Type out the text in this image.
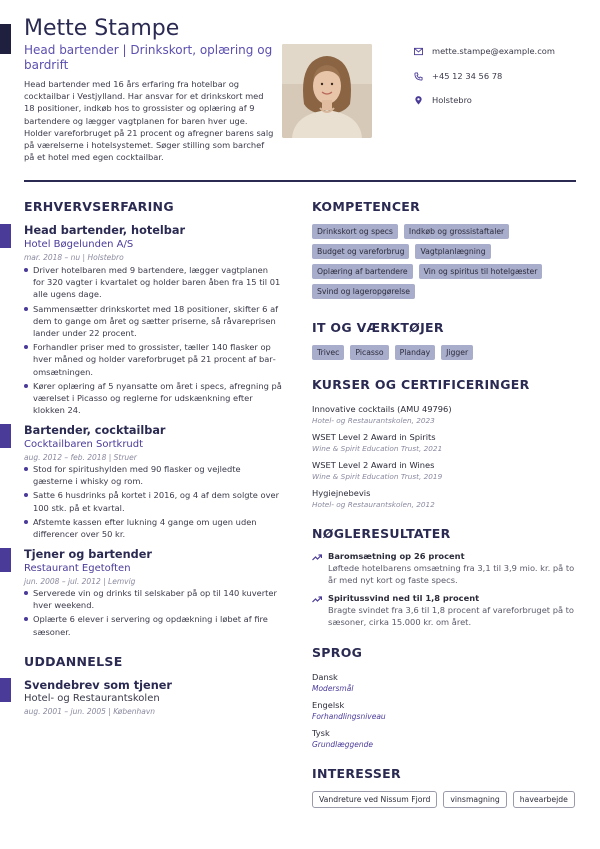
Mette Stampe
Head bartender | Drinkskort, oplæring og bardrift
Head bartender med 16 års erfaring fra hotelbar og cocktailbar i Vestjylland. Har ansvar for et drinkskort med 18 positioner, indkøb hos to grossister og oplæring af 9 bartendere og lægger vagtplanen for baren hver uge. Holder vareforbruget på 21 procent og afregner barens salg på værelserne i hotelsystemet. Søger stilling som barchef på et hotel med egen cocktailbar.
mette.stampe@example.com
+45 12 34 56 78
Holstebro
ERHVERVSERFARING
Head bartender, hotelbar
Hotel Bøgelunden A/S
mar. 2018 – nu | Holstebro
Driver hotelbaren med 9 bartendere, lægger vagtplanen for 320 vagter i kvartalet og holder baren åben fra 15 til 01 alle ugens dage.
Sammensætter drinkskortet med 18 positioner, skifter 6 af dem to gange om året og sætter priserne, så råvareprisen lander under 22 procent.
Forhandler priser med to grossister, tæller 140 flasker op hver måned og holder vareforbruget på 21 procent af baromsætningen.
Kører oplæring af 5 nyansatte om året i specs, afregning på værelset i Picasso og reglerne for udskænkning efter klokken 24.
Bartender, cocktailbar
Cocktailbaren Sortkrudt
aug. 2012 – feb. 2018 | Struer
Stod for spiritushylden med 90 flasker og vejledte gæsterne i whisky og rom.
Satte 6 husdrinks på kortet i 2016, og 4 af dem solgte over 100 stk. på et kvartal.
Afstemte kassen efter lukning 4 gange om ugen uden differencer over 50 kr.
Tjener og bartender
Restaurant Egetoften
jun. 2008 – jul. 2012 | Lemvig
Serverede vin og drinks til selskaber på op til 140 kuverter hver weekend.
Oplærte 6 elever i servering og opdækning i løbet af fire sæsoner.
UDDANNELSE
Svendebrev som tjener
Hotel- og Restaurantskolen
aug. 2001 – jun. 2005 | København
KOMPETENCER
Drinkskort og specs	Indkøb og grossistaftaler
Budget og vareforbrug	Vagtplanlægning
Oplæring af bartendere	Vin og spiritus til hotelgæster
Svind og lageropgørelse
IT OG VÆRKTØJER
Trivec	Picasso	Planday	Jigger
KURSER OG CERTIFICERINGER
Innovative cocktails (AMU 49796)
Hotel- og Restaurantskolen, 2023
WSET Level 2 Award in Spirits
Wine & Spirit Education Trust, 2021
WSET Level 2 Award in Wines
Wine & Spirit Education Trust, 2019
Hygiejnebevis
Hotel- og Restaurantskolen, 2012
NØGLERESULTATER
Baromsætning op 26 procent
Løftede hotelbarens omsætning fra 3,1 til 3,9 mio. kr. på to år med nyt kort og faste specs.
Spiritussvind ned til 1,8 procent
Bragte svindet fra 3,6 til 1,8 procent af vareforbruget på to sæsoner, cirka 15.000 kr. om året.
SPROG
Dansk
Modersmål
Engelsk
Forhandlingsniveau
Tysk
Grundlæggende
INTERESSER
Vandreture ved Nissum Fjord	vinsmagning	havearbejde
